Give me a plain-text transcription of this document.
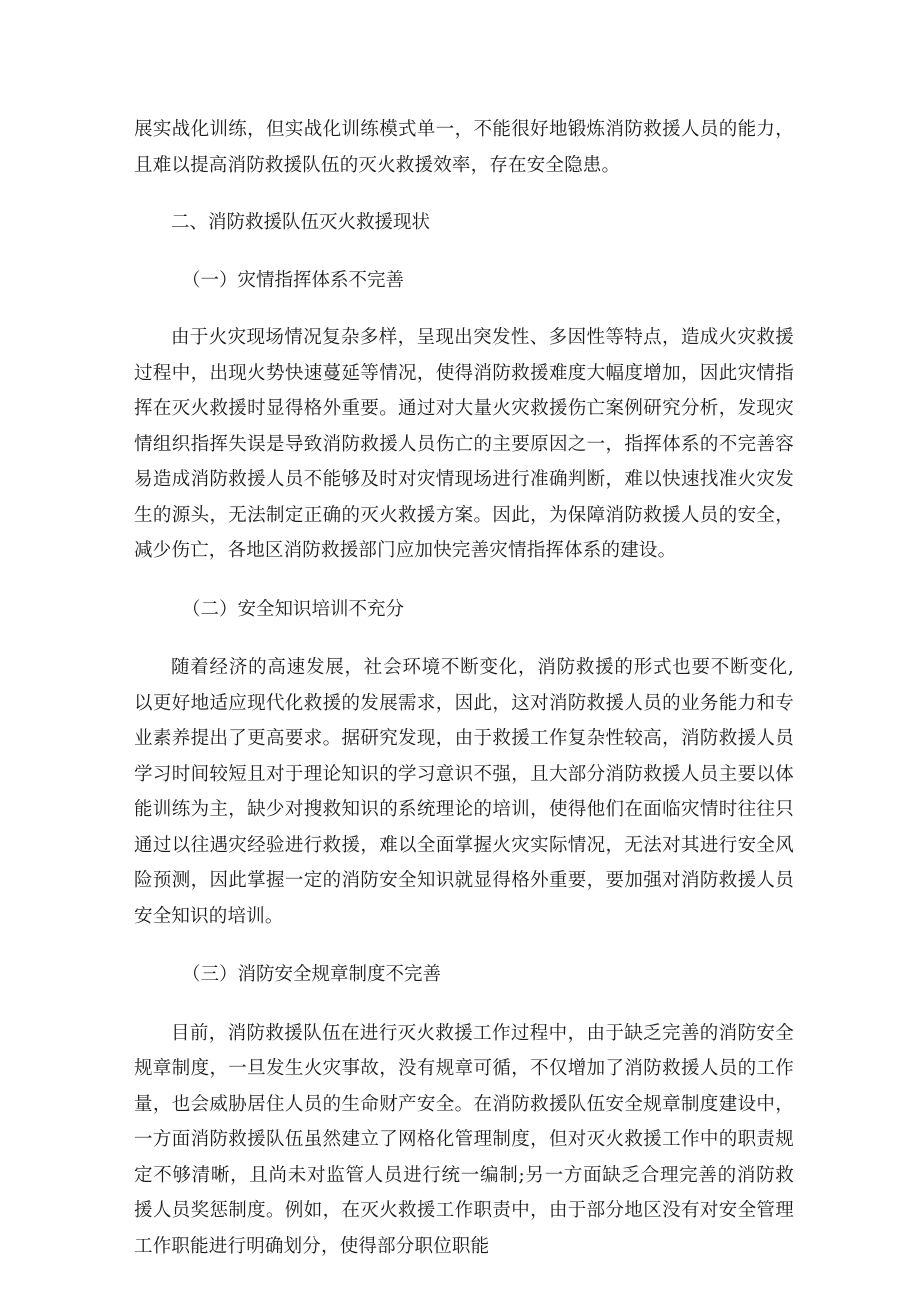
展实战化训练，但实战化训练模式单一，不能很好地锻炼消防救援人员的能力，且难以提高消防救援队伍的灭火救援效率，存在安全隐患。

二、消防救援队伍灭火救援现状

（一）灾情指挥体系不完善

由于火灾现场情况复杂多样，呈现出突发性、多因性等特点，造成火灾救援过程中，出现火势快速蔓延等情况，使得消防救援难度大幅度增加，因此灾情指挥在灭火救援时显得格外重要。通过对大量火灾救援伤亡案例研究分析，发现灾情组织指挥失误是导致消防救援人员伤亡的主要原因之一，指挥体系的不完善容易造成消防救援人员不能够及时对灾情现场进行准确判断，难以快速找准火灾发生的源头，无法制定正确的灭火救援方案。因此，为保障消防救援人员的安全，减少伤亡，各地区消防救援部门应加快完善灾情指挥体系的建设。

（二）安全知识培训不充分

随着经济的高速发展，社会环境不断变化，消防救援的形式也要不断变化,以更好地适应现代化救援的发展需求，因此，这对消防救援人员的业务能力和专业素养提出了更高要求。据研究发现，由于救援工作复杂性较高，消防救援人员学习时间较短且对于理论知识的学习意识不强，且大部分消防救援人员主要以体能训练为主，缺少对搜救知识的系统理论的培训，使得他们在面临灾情时往往只通过以往遇灾经验进行救援，难以全面掌握火灾实际情况，无法对其进行安全风险预测，因此掌握一定的消防安全知识就显得格外重要，要加强对消防救援人员安全知识的培训。

（三）消防安全规章制度不完善

目前，消防救援队伍在进行灭火救援工作过程中，由于缺乏完善的消防安全规章制度，一旦发生火灾事故，没有规章可循，不仅增加了消防救援人员的工作量，也会威胁居住人员的生命财产安全。在消防救援队伍安全规章制度建设中，一方面消防救援队伍虽然建立了网格化管理制度，但对灭火救援工作中的职责规定不够清晰，且尚未对监管人员进行统一编制;另一方面缺乏合理完善的消防救援人员奖惩制度。例如，在灭火救援工作职责中，由于部分地区没有对安全管理工作职能进行明确划分，使得部分职位职能
